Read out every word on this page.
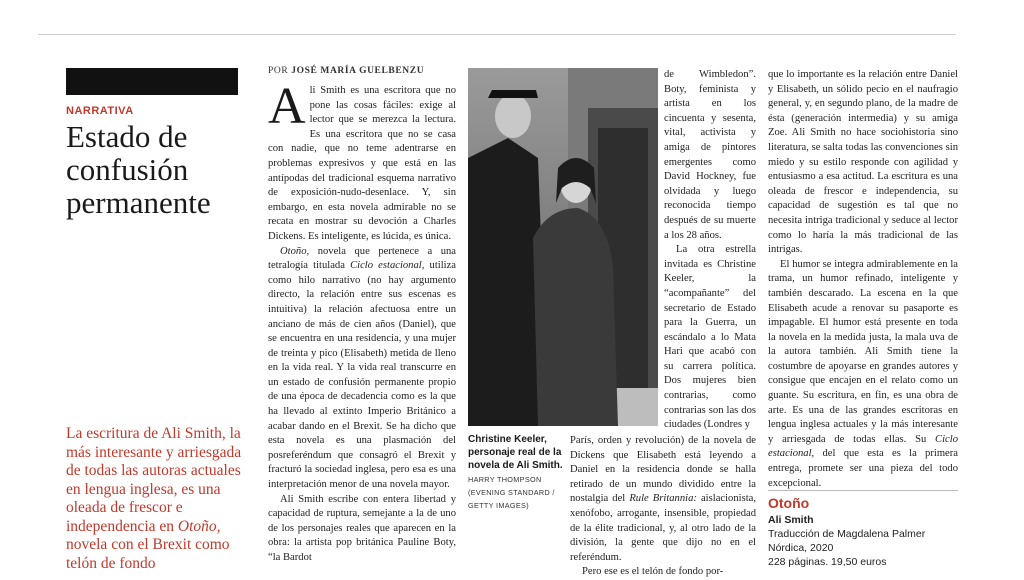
NARRATIVA
Estado de confusión permanente
La escritura de Ali Smith, la más interesante y arriesgada de todas las autoras actuales en lengua inglesa, es una oleada de frescor e independencia en Otoño, novela con el Brexit como telón de fondo
POR JOSÉ MARÍA GUELBENZU

Ali Smith es una escritora que no pone las cosas fáciles: exige al lector que se merezca la lectura. Es una escritora que no se casa con nadie, que no teme adentrarse en problemas expresivos y que está en las antípodas del tradicional esquema narrativo de exposición-nudo-desenlace. Y, sin embargo, en esta novela admirable no se recata en mostrar su devoción a Charles Dickens. Es inteligente, es lúcida, es única.

Otoño, novela que pertenece a una tetralogía titulada Ciclo estacional, utiliza como hilo narrativo (no hay argumento directo, la relación entre sus escenas es intuitiva) la relación afectuosa entre un anciano de más de cien años (Daniel), que se encuentra en una residencia, y una mujer de treinta y pico (Elisabeth) metida de lleno en la vida real. Y la vida real transcurre en un estado de confusión permanente propio de una época de decadencia como es la que ha llevado al extinto Imperio Británico a acabar dando en el Brexit. Se ha dicho que esta novela es una plasmación del posreferéndum que consagró el Brexit y fracturó la sociedad inglesa, pero esa es una interpretación menor de una novela mayor.

Ali Smith escribe con entera libertad y capacidad de ruptura, semejante a la de uno de los personajes reales que aparecen en la obra: la artista pop británica Pauline Boty, “la Bardot

Christine Keeler, personaje real de la novela de Ali Smith. HARRY THOMPSON (EVENING STANDARD / GETTY IMAGES)

de Wimbledon”. Boty, feminista y artista en los cincuenta y sesenta, vital, activista y amiga de pintores emergentes como David Hockney, fue olvidada y luego reconocida tiempo después de su muerte a los 28 años.

La otra estrella invitada es Christine Keeler, la “acompañante” del secretario de Estado para la Guerra, un escándalo a lo Mata Hari que acabó con su carrera política. Dos mujeres bien contrarias, como contrarias son las dos ciudades (Londres y

París, orden y revolución) de la novela de Dickens que Elisabeth está leyendo a Daniel en la residencia donde se halla retirado de un mundo dividido entre la nostalgia del Rule Britannia: aislacionista, xenófobo, arrogante, insensible, propiedad de la élite tradicional, y, al otro lado de la división, la gente que dijo no en el referéndum.

Pero ese es el telón de fondo por-

que lo importante es la relación entre Daniel y Elisabeth, un sólido pecio en el naufragio general, y, en segundo plano, de la madre de ésta (generación intermedia) y su amiga Zoe. Ali Smith no hace sociohistoria sino literatura, se salta todas las convenciones sin miedo y su estilo responde con agilidad y entusiasmo a esa actitud. La escritura es una oleada de frescor e independencia, su capacidad de sugestión es tal que no necesita intriga tradicional y seduce al lector como lo haría la más tradicional de las intrigas.

El humor se integra admirablemente en la trama, un humor refinado, inteligente y también descarado. La escena en la que Elisabeth acude a renovar su pasaporte es impagable. El humor está presente en toda la novela en la medida justa, la mala uva de la autora también. Ali Smith tiene la costumbre de apoyarse en grandes autores y consigue que encajen en el relato como un guante. Su escritura, en fin, es una obra de arte. Es una de las grandes escritoras en lengua inglesa actuales y la más interesante y arriesgada de todas ellas. Su Ciclo estacional, del que esta es la primera entrega, promete ser una pieza del todo excepcional.

Otoño
Ali Smith
Traducción de Magdalena Palmer
Nórdica, 2020
228 páginas. 19,50 euros
